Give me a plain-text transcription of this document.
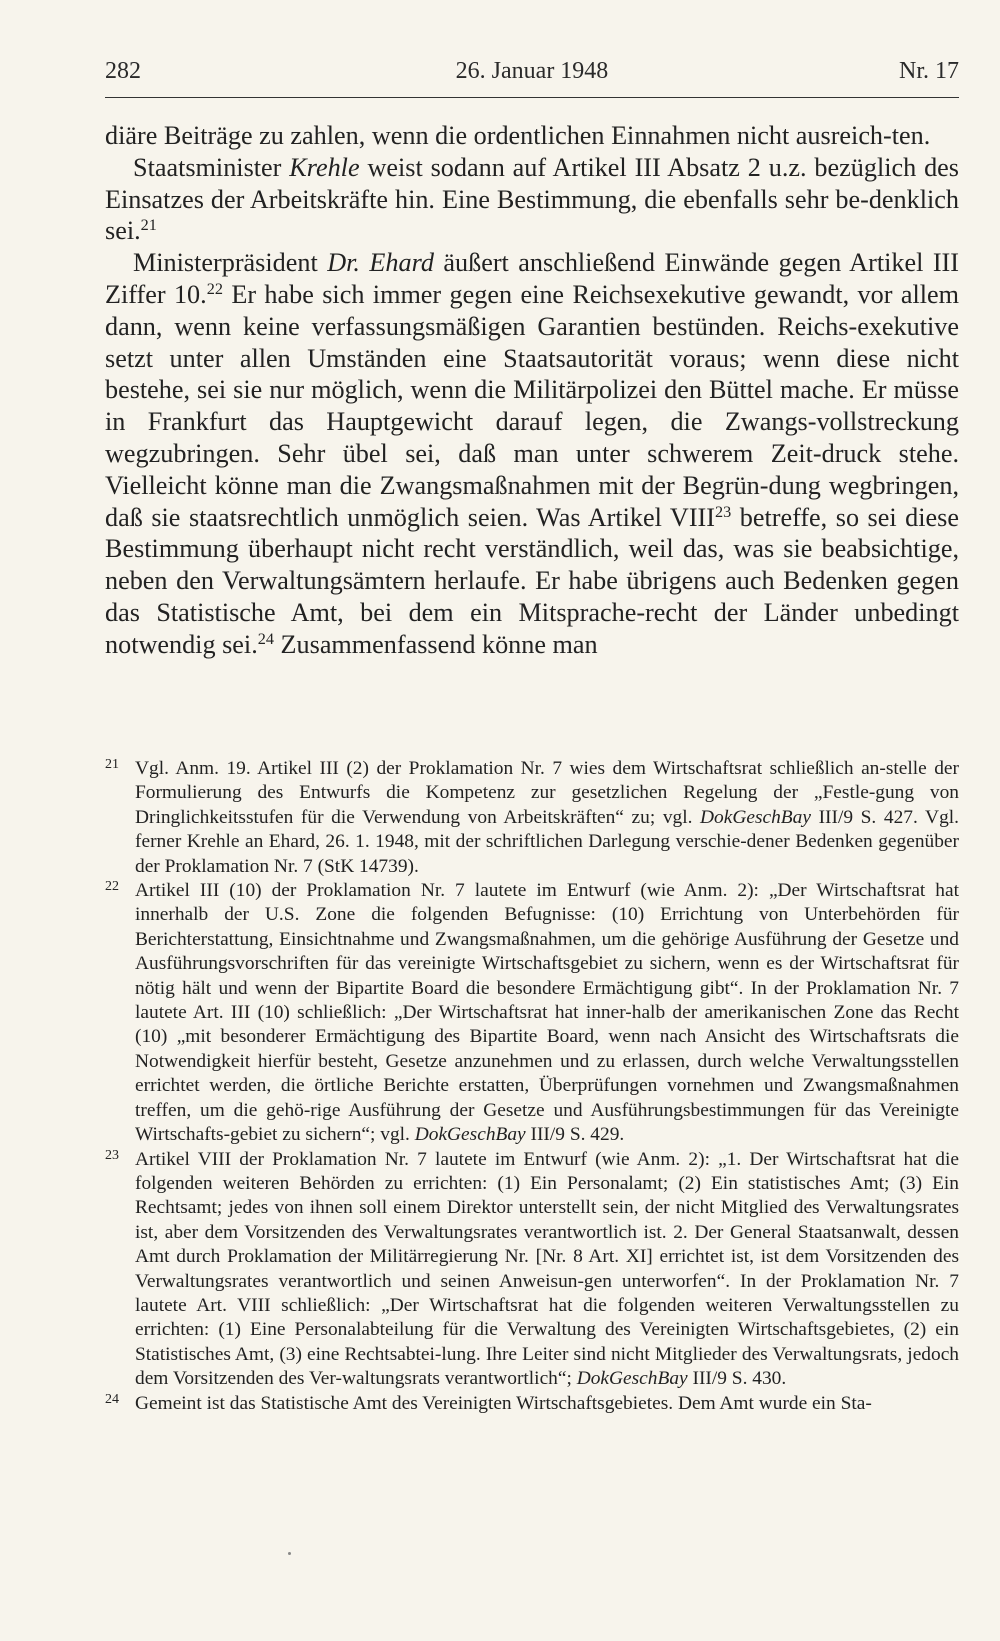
282	26. Januar 1948	Nr. 17

diäre Beiträge zu zahlen, wenn die ordentlichen Einnahmen nicht ausreich-ten.

Staatsminister Krehle weist sodann auf Artikel III Absatz 2 u.z. bezüglich des Einsatzes der Arbeitskräfte hin. Eine Bestimmung, die ebenfalls sehr be-denklich sei.$^{21}$

Ministerpräsident Dr. Ehard äußert anschließend Einwände gegen Artikel III Ziffer 10.22 Er habe sich immer gegen eine Reichsexekutive gewandt, vor allem dann, wenn keine verfassungsmäßigen Garantien bestünden. Reichs-exekutive setzt unter allen Umständen eine Staatsautorität voraus; wenn diese nicht bestehe, sei sie nur möglich, wenn die Militärpolizei den Büttel mache. Er müsse in Frankfurt das Hauptgewicht darauf legen, die Zwangs-vollstreckung wegzubringen. Sehr übel sei, daß man unter schwerem Zeit-druck stehe. Vielleicht könne man die Zwangsmaßnahmen mit der Begrün-dung wegbringen, daß sie staatsrechtlich unmöglich seien. Was Artikel VIII$^{23}$ betreffe, so sei diese Bestimmung überhaupt nicht recht verständlich, weil das, was sie beabsichtige, neben den Verwaltungsämtern herlaufe. Er habe übrigens auch Bedenken gegen das Statistische Amt, bei dem ein Mitsprache-recht der Länder unbedingt notwendig sei.$^{24}$ Zusammenfassend könne man

21 Vgl. Anm. 19. Artikel III (2) der Proklamation Nr. 7 wies dem Wirtschaftsrat schließlich an-stelle der Formulierung des Entwurfs die Kompetenz zur gesetzlichen Regelung der „Festle-gung von Dringlichkeitsstufen für die Verwendung von Arbeitskräften“ zu; vgl. DokGeschBay III/9 S. 427. Vgl. ferner Krehle an Ehard, 26. 1. 1948, mit der schriftlichen Darlegung verschie-dener Bedenken gegenüber der Proklamation Nr. 7 (StK 14739).

22 Artikel III (10) der Proklamation Nr. 7 lautete im Entwurf (wie Anm. 2): „Der Wirtschaftsrat hat innerhalb der U.S. Zone die folgenden Befugnisse: (10) Errichtung von Unterbehörden für Berichterstattung, Einsichtnahme und Zwangsmaßnahmen, um die gehörige Ausführung der Gesetze und Ausführungsvorschriften für das vereinigte Wirtschaftsgebiet zu sichern, wenn es der Wirtschaftsrat für nötig hält und wenn der Bipartite Board die besondere Ermächtigung gibt“. In der Proklamation Nr. 7 lautete Art. III (10) schließlich: „Der Wirtschaftsrat hat inner-halb der amerikanischen Zone das Recht (10) „mit besonderer Ermächtigung des Bipartite Board, wenn nach Ansicht des Wirtschaftsrats die Notwendigkeit hierfür besteht, Gesetze anzunehmen und zu erlassen, durch welche Verwaltungsstellen errichtet werden, die örtliche Berichte erstatten, Überprüfungen vornehmen und Zwangsmaßnahmen treffen, um die gehö-rige Ausführung der Gesetze und Ausführungsbestimmungen für das Vereinigte Wirtschafts-gebiet zu sichern“; vgl. DokGeschBay III/9 S. 429.

23 Artikel VIII der Proklamation Nr. 7 lautete im Entwurf (wie Anm. 2): „1. Der Wirtschaftsrat hat die folgenden weiteren Behörden zu errichten: (1) Ein Personalamt; (2) Ein statistisches Amt; (3) Ein Rechtsamt; jedes von ihnen soll einem Direktor unterstellt sein, der nicht Mitglied des Verwaltungsrates ist, aber dem Vorsitzenden des Verwaltungsrates verantwortlich ist. 2. Der General Staatsanwalt, dessen Amt durch Proklamation der Militärregierung Nr. [Nr. 8 Art. XI] errichtet ist, ist dem Vorsitzenden des Verwaltungsrates verantwortlich und seinen Anweisun-gen unterworfen“. In der Proklamation Nr. 7 lautete Art. VIII schließlich: „Der Wirtschaftsrat hat die folgenden weiteren Verwaltungsstellen zu errichten: (1) Eine Personalabteilung für die Verwaltung des Vereinigten Wirtschaftsgebietes, (2) ein Statistisches Amt, (3) eine Rechtsabtei-lung. Ihre Leiter sind nicht Mitglieder des Verwaltungsrats, jedoch dem Vorsitzenden des Ver-waltungsrats verantwortlich“; DokGeschBay III/9 S. 430.

24 Gemeint ist das Statistische Amt des Vereinigten Wirtschaftsgebietes. Dem Amt wurde ein Sta-
